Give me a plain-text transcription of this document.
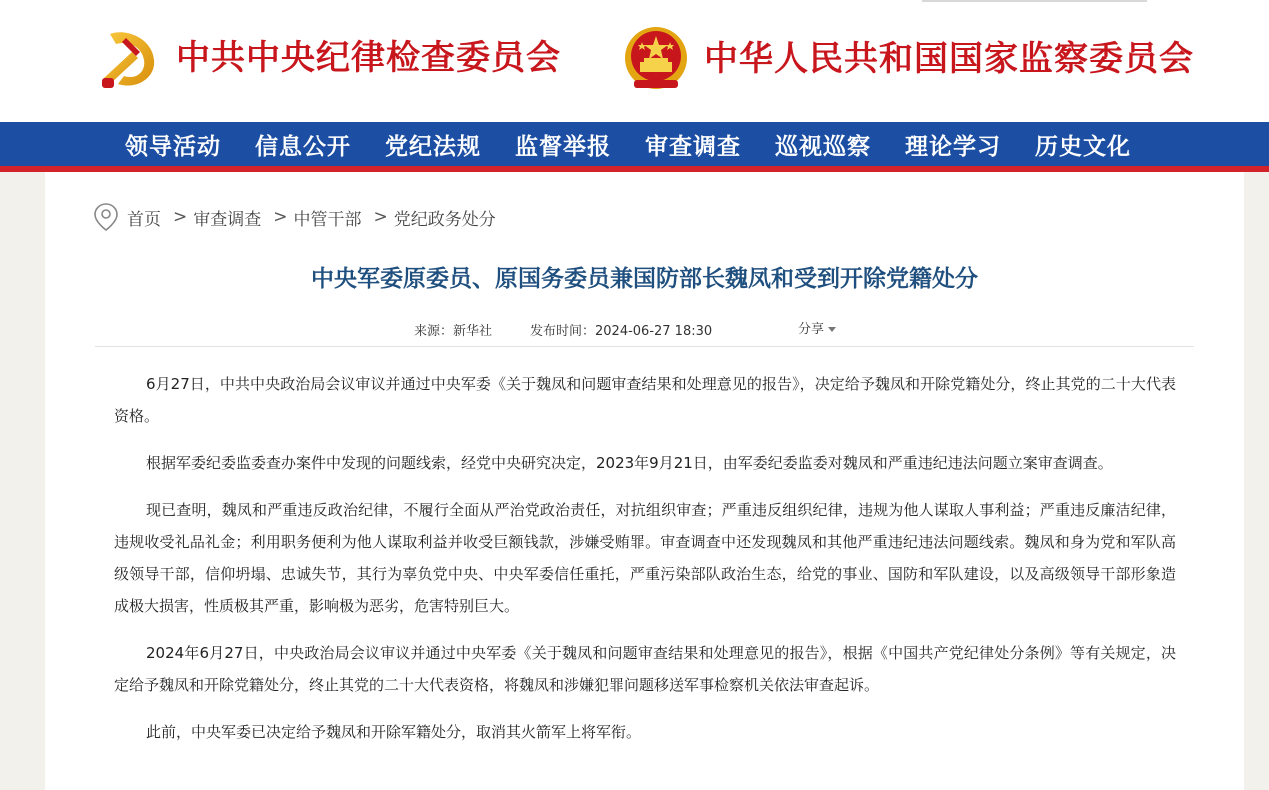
中共中央纪律检查委员会	中华人民共和国国家监察委员会
领导活动 信息公开 党纪法规 监督举报 审查调查 巡视巡察 理论学习 历史文化
首页 > 审查调查 > 中管干部 > 党纪政务处分
中央军委原委员、原国务委员兼国防部长魏凤和受到开除党籍处分
来源：新华社	发布时间：2024-06-27 18:30	分享

6月27日，中共中央政治局会议审议并通过中央军委《关于魏凤和问题审查结果和处理意见的报告》，决定给予魏凤和开除党籍处分，终止其党的二十大代表资格。

根据军委纪委监委查办案件中发现的问题线索，经党中央研究决定，2023年9月21日，由军委纪委监委对魏凤和严重违纪违法问题立案审查调查。

现已查明，魏凤和严重违反政治纪律，不履行全面从严治党政治责任，对抗组织审查；严重违反组织纪律，违规为他人谋取人事利益；严重违反廉洁纪律，违规收受礼品礼金；利用职务便利为他人谋取利益并收受巨额钱款，涉嫌受贿罪。审查调查中还发现魏凤和其他严重违纪违法问题线索。魏凤和身为党和军队高级领导干部，信仰坍塌、忠诚失节，其行为辜负党中央、中央军委信任重托，严重污染部队政治生态，给党的事业、国防和军队建设，以及高级领导干部形象造成极大损害，性质极其严重，影响极为恶劣，危害特别巨大。

2024年6月27日，中央政治局会议审议并通过中央军委《关于魏凤和问题审查结果和处理意见的报告》，根据《中国共产党纪律处分条例》等有关规定，决定给予魏凤和开除党籍处分，终止其党的二十大代表资格，将魏凤和涉嫌犯罪问题移送军事检察机关依法审查起诉。

此前，中央军委已决定给予魏凤和开除军籍处分，取消其火箭军上将军衔。
